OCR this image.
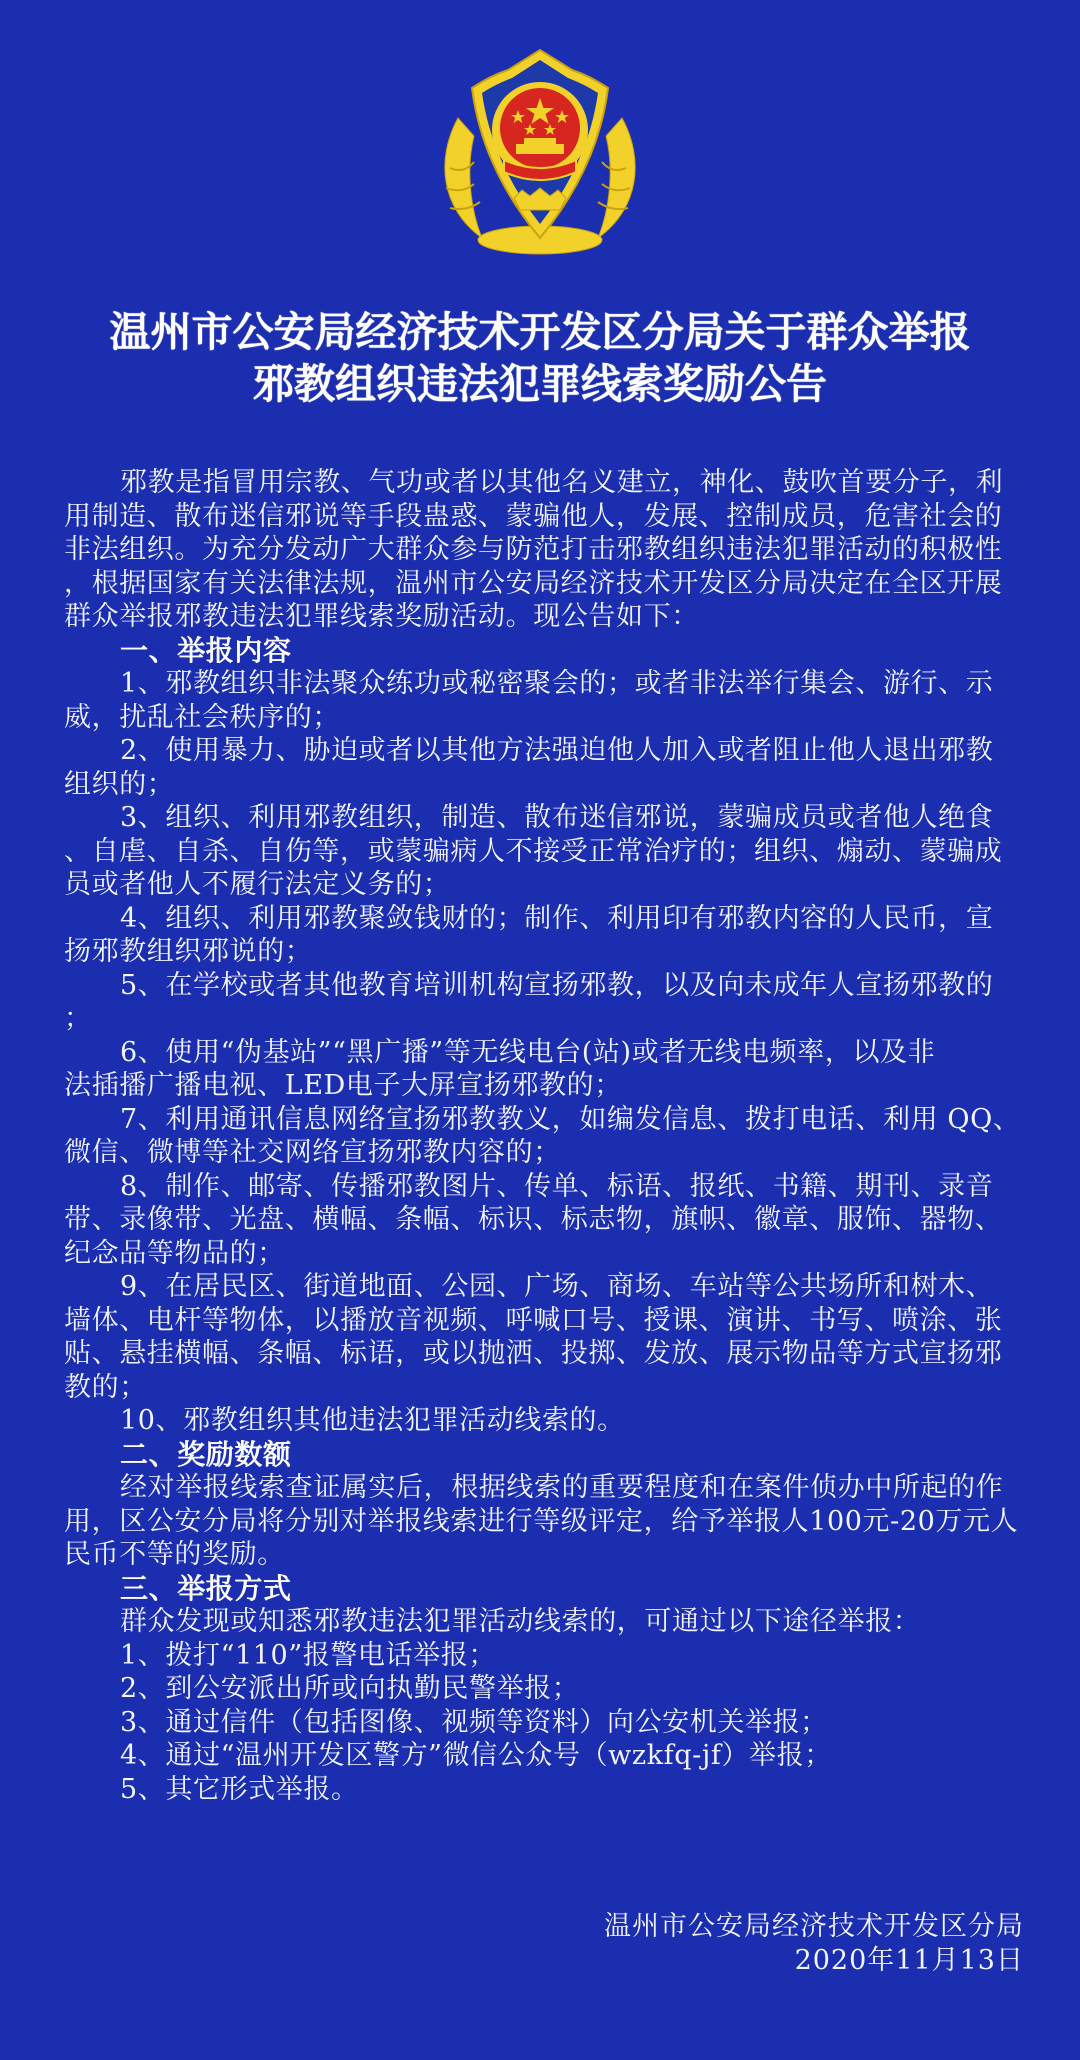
温州市公安局经济技术开发区分局关于群众举报
邪教组织违法犯罪线索奖励公告
邪教是指冒用宗教、气功或者以其他名义建立，神化、鼓吹首要分子，利
用制造、散布迷信邪说等手段蛊惑、蒙骗他人，发展、控制成员，危害社会的
非法组织。为充分发动广大群众参与防范打击邪教组织违法犯罪活动的积极性
，根据国家有关法律法规，温州市公安局经济技术开发区分局决定在全区开展
群众举报邪教违法犯罪线索奖励活动。现公告如下：
一、举报内容
1、邪教组织非法聚众练功或秘密聚会的；或者非法举行集会、游行、示
威，扰乱社会秩序的；
2、使用暴力、胁迫或者以其他方法强迫他人加入或者阻止他人退出邪教
组织的；
3、组织、利用邪教组织，制造、散布迷信邪说，蒙骗成员或者他人绝食
、自虐、自杀、自伤等，或蒙骗病人不接受正常治疗的；组织、煽动、蒙骗成
员或者他人不履行法定义务的；
4、组织、利用邪教聚敛钱财的；制作、利用印有邪教内容的人民币，宣
扬邪教组织邪说的；
5、在学校或者其他教育培训机构宣扬邪教，以及向未成年人宣扬邪教的
；
6、使用“伪基站”“黑广播”等无线电台(站)或者无线电频率，以及非
法插播广播电视、LED电子大屏宣扬邪教的；
7、利用通讯信息网络宣扬邪教教义，如编发信息、拨打电话、利用 QQ、
微信、微博等社交网络宣扬邪教内容的；
8、制作、邮寄、传播邪教图片、传单、标语、报纸、书籍、期刊、录音
带、录像带、光盘、横幅、条幅、标识、标志物，旗帜、徽章、服饰、器物、
纪念品等物品的；
9、在居民区、街道地面、公园、广场、商场、车站等公共场所和树木、
墙体、电杆等物体，以播放音视频、呼喊口号、授课、演讲、书写、喷涂、张
贴、悬挂横幅、条幅、标语，或以抛洒、投掷、发放、展示物品等方式宣扬邪
教的；
10、邪教组织其他违法犯罪活动线索的。
二、奖励数额
经对举报线索查证属实后，根据线索的重要程度和在案件侦办中所起的作
用，区公安分局将分别对举报线索进行等级评定，给予举报人100元-20万元人
民币不等的奖励。
三、举报方式
群众发现或知悉邪教违法犯罪活动线索的，可通过以下途径举报：
1、拨打“110”报警电话举报；
2、到公安派出所或向执勤民警举报；
3、通过信件（包括图像、视频等资料）向公安机关举报；
4、通过“温州开发区警方”微信公众号（wzkfq-jf）举报；
5、其它形式举报。
温州市公安局经济技术开发区分局
2020年11月13日
